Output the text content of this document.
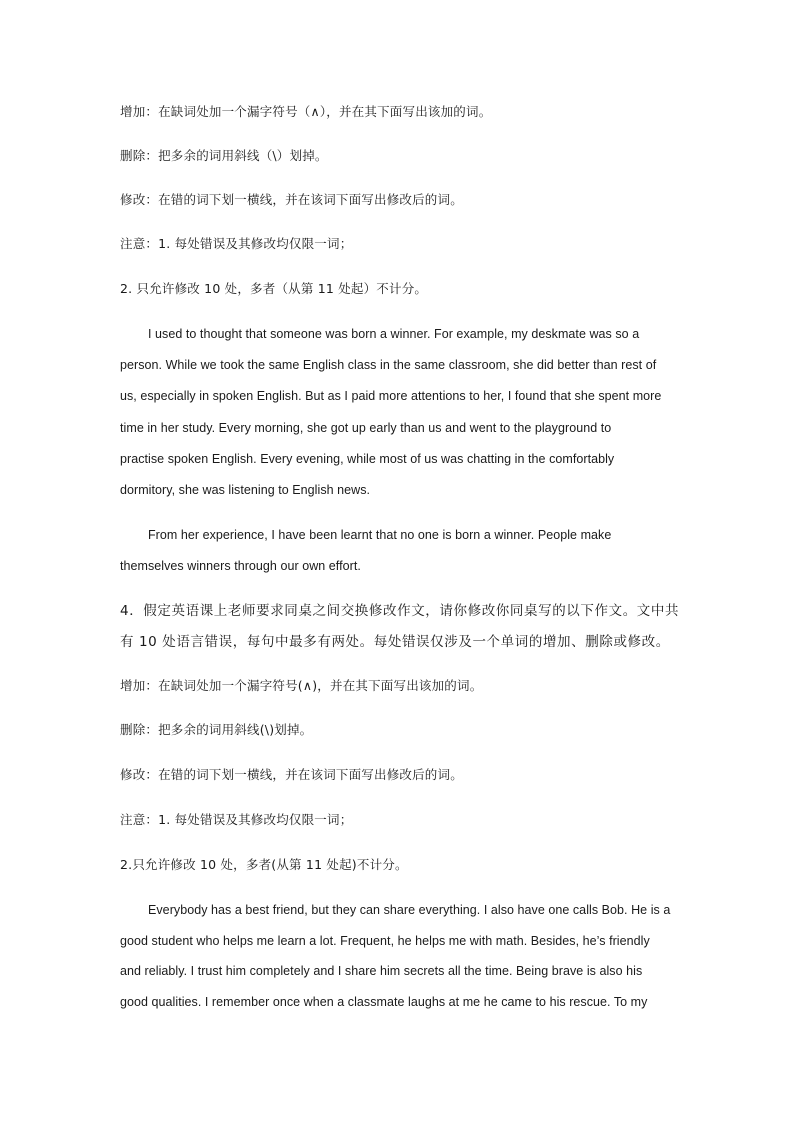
增加：在缺词处加一个漏字符号（∧），并在其下面写出该加的词。
删除：把多余的词用斜线（\）划掉。
修改：在错的词下划一横线，并在该词下面写出修改后的词。
注意：1. 每处错误及其修改均仅限一词；
2. 只允许修改 10 处，多者（从第 11 处起）不计分。
I used to thought that someone was born a winner. For example, my deskmate was so a
person. While we took the same English class in the same classroom, she did better than rest of
us, especially in spoken English. But as I paid more attentions to her, I found that she spent more
time in her study. Every morning, she got up early than us and went to the playground to
practise spoken English. Every evening, while most of us was chatting in the comfortably
dormitory, she was listening to English news.
From her experience, I have been learnt that no one is born a winner. People make
themselves winners through our own effort.
4．假定英语课上老师要求同桌之间交换修改作文，请你修改你同桌写的以下作文。文中共
有 10 处语言错误，每句中最多有两处。每处错误仅涉及一个单词的增加、删除或修改。
增加：在缺词处加一个漏字符号(∧)，并在其下面写出该加的词。
删除：把多余的词用斜线(\)划掉。
修改：在错的词下划一横线，并在该词下面写出修改后的词。
注意：1. 每处错误及其修改均仅限一词；
2.只允许修改 10 处，多者(从第 11 处起)不计分。
Everybody has a best friend, but they can share everything. I also have one calls Bob. He is a
good student who helps me learn a lot. Frequent, he helps me with math. Besides, he’s friendly
and reliably. I trust him completely and I share him secrets all the time. Being brave is also his
good qualities. I remember once when a classmate laughs at me he came to his rescue. To my
